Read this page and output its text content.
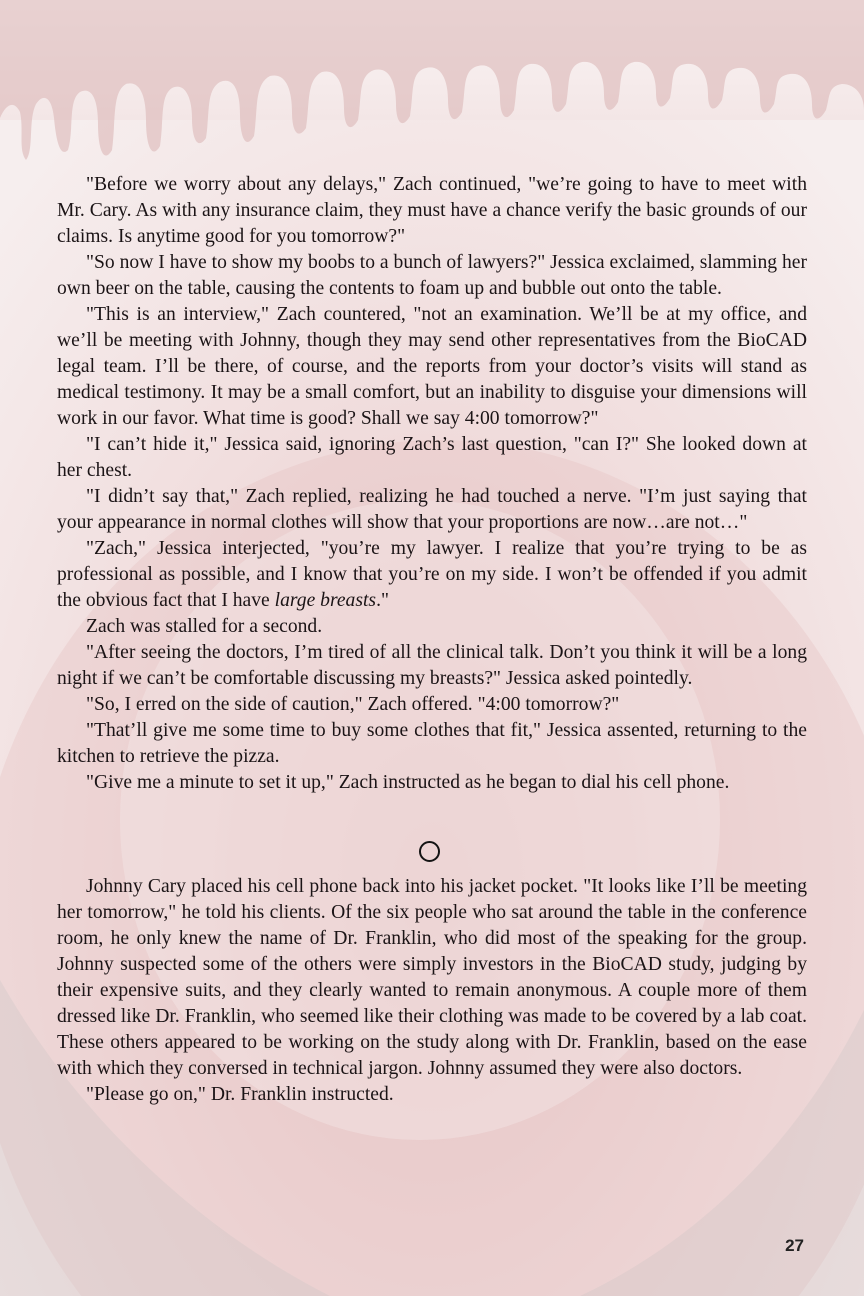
"Before we worry about any delays," Zach continued, "we’re going to have to meet with Mr. Cary. As with any insurance claim, they must have a chance verify the basic grounds of our claims. Is anytime good for you tomorrow?"

"So now I have to show my boobs to a bunch of lawyers?" Jessica exclaimed, slamming her own beer on the table, causing the contents to foam up and bubble out onto the table.

"This is an interview," Zach countered, "not an examination. We’ll be at my office, and we’ll be meeting with Johnny, though they may send other representatives from the BioCAD legal team. I’ll be there, of course, and the reports from your doctor’s visits will stand as medical testimony. It may be a small comfort, but an inability to disguise your dimensions will work in our favor. What time is good? Shall we say 4:00 tomorrow?"

"I can’t hide it," Jessica said, ignoring Zach’s last question, "can I?" She looked down at her chest.

"I didn’t say that," Zach replied, realizing he had touched a nerve. "I’m just saying that your appearance in normal clothes will show that your proportions are now…are not…"

"Zach," Jessica interjected, "you’re my lawyer. I realize that you’re trying to be as professional as possible, and I know that you’re on my side. I won’t be offended if you admit the obvious fact that I have large breasts."

Zach was stalled for a second.

"After seeing the doctors, I’m tired of all the clinical talk. Don’t you think it will be a long night if we can’t be comfortable discussing my breasts?" Jessica asked pointedly.

"So, I erred on the side of caution," Zach offered. "4:00 tomorrow?"

"That’ll give me some time to buy some clothes that fit," Jessica assented, returning to the kitchen to retrieve the pizza.

"Give me a minute to set it up," Zach instructed as he began to dial his cell phone.

Johnny Cary placed his cell phone back into his jacket pocket. "It looks like I’ll be meeting her tomorrow," he told his clients. Of the six people who sat around the table in the conference room, he only knew the name of Dr. Franklin, who did most of the speaking for the group. Johnny suspected some of the others were simply investors in the BioCAD study, judging by their expensive suits, and they clearly wanted to remain anonymous. A couple more of them dressed like Dr. Franklin, who seemed like their clothing was made to be covered by a lab coat. These others appeared to be working on the study along with Dr. Franklin, based on the ease with which they conversed in technical jargon. Johnny assumed they were also doctors.

"Please go on," Dr. Franklin instructed.

27
